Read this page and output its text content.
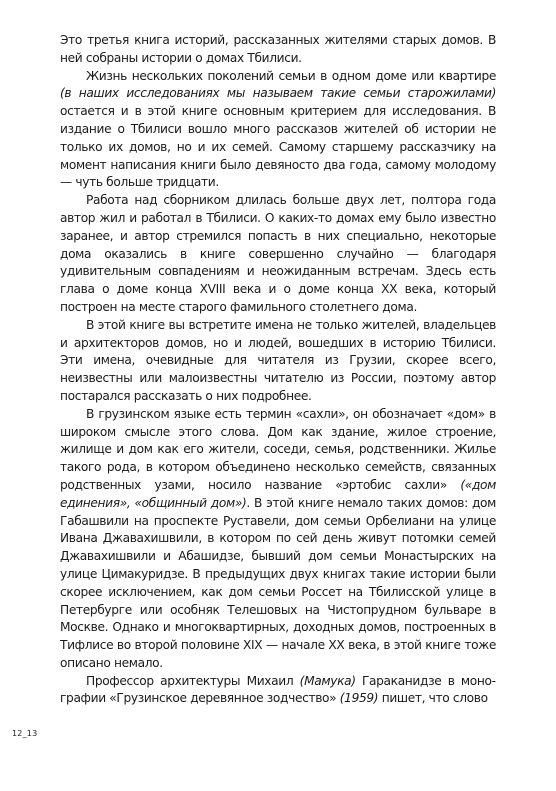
Это третья книга историй, рассказанных жителями старых домов. В ней собраны истории о домах Тбилиси.

Жизнь нескольких поколений семьи в одном доме или квартире (в наших исследованиях мы называем такие семьи старожилами) остается и в этой книге основным критерием для исследования. В издание о Тбилиси вошло много рассказов жителей об истории не только их домов, но и их семей. Самому старшему рассказчику на момент написания книги было девяносто два года, самому молодому — чуть больше тридцати.

Работа над сборником длилась больше двух лет, полтора года автор жил и работал в Тбилиси. О каких-то домах ему было известно заранее, и автор стремился попасть в них специально, некоторые дома оказались в книге совершенно случайно — благодаря удивительным совпадениям и неожиданным встречам. Здесь есть глава о доме конца XVIII века и о доме конца XX века, который построен на месте старого фамильного столетнего дома.

В этой книге вы встретите имена не только жителей, владельцев и архитекторов домов, но и людей, вошедших в историю Тбилиси. Эти имена, очевидные для читателя из Грузии, скорее всего, неизвестны или малоизвестны читателю из России, поэтому автор постарался рассказать о них подробнее.

В грузинском языке есть термин «сахли», он обозначает «дом» в широком смысле этого слова. Дом как здание, жилое строение, жилище и дом как его жители, соседи, семья, родственники. Жилье такого рода, в котором объединено несколько семейств, связанных родственных узами, носило название «эртобис сахли» («дом единения», «общинный дом»). В этой книге немало таких домов: дом Габашвили на проспекте Руставели, дом семьи Орбелиани на улице Ивана Джавахишвили, в котором по сей день живут потомки семей Джавахишвили и Абашидзе, бывший дом семьи Монастырских на улице Цимакуридзе. В предыдущих двух книгах такие истории были скорее исключением, как дом семьи Россет на Тбилисской улице в Петербурге или особняк Телешовых на Чистопрудном бульваре в Москве. Однако и многоквартирных, доходных домов, построенных в Тифлисе во второй половине XIX — начале XX века, в этой книге тоже описано немало.

Профессор архитектуры Михаил (Мамука) Гараканидзе в монографии «Грузинское деревянное зодчество» (1959) пишет, что слово

12_13
